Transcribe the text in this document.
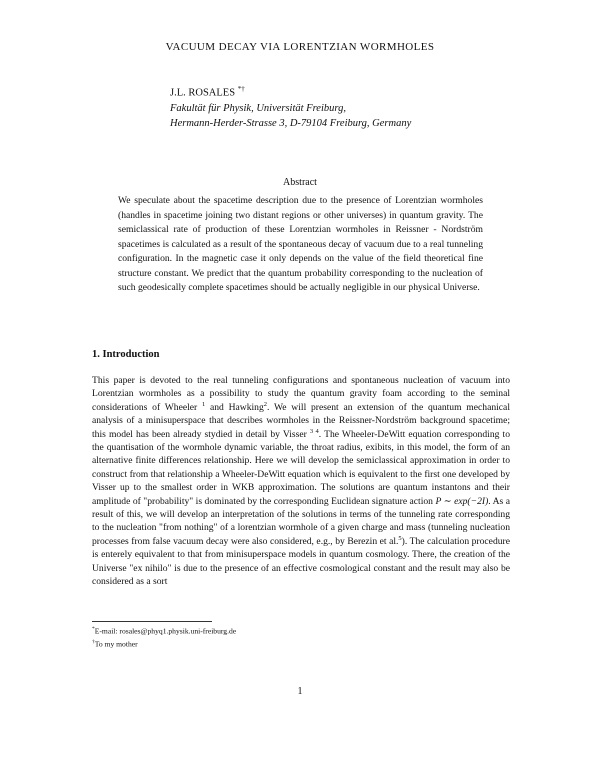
VACUUM DECAY VIA LORENTZIAN WORMHOLES
J.L. ROSALES *†
Fakultät für Physik, Universität Freiburg,
Hermann-Herder-Strasse 3, D-79104 Freiburg, Germany
Abstract
We speculate about the spacetime description due to the presence of Lorentzian wormholes (handles in spacetime joining two distant regions or other universes) in quantum gravity. The semiclassical rate of production of these Lorentzian wormholes in Reissner - Nordström spacetimes is calculated as a result of the spontaneous decay of vacuum due to a real tunneling configuration. In the magnetic case it only depends on the value of the field theoretical fine structure constant. We predict that the quantum probability corresponding to the nucleation of such geodesically complete spacetimes should be actually negligible in our physical Universe.
1. Introduction
This paper is devoted to the real tunneling configurations and spontaneous nucleation of vacuum into Lorentzian wormholes as a possibility to study the quantum gravity foam according to the seminal considerations of Wheeler $^1$ and Hawking$^2$. We will present an extension of the quantum mechanical analysis of a minisuperspace that describes wormholes in the Reissner-Nordström background spacetime; this model has been already stydied in detail by Visser $^{3 4}$. The Wheeler-DeWitt equation corresponding to the quantisation of the wormhole dynamic variable, the throat radius, exibits, in this model, the form of an alternative finite differences relationship. Here we will develop the semiclassical approximation in order to construct from that relationship a Wheeler-DeWitt equation which is equivalent to the first one developed by Visser up to the smallest order in WKB approximation. The solutions are quantum instantons and their amplitude of "probability" is dominated by the corresponding Euclidean signature action P ∼ exp(−2I). As a result of this, we will develop an interpretation of the solutions in terms of the tunneling rate corresponding to the nucleation "from nothing" of a lorentzian wormhole of a given charge and mass (tunneling nucleation processes from false vacuum decay were also considered, e.g., by Berezin et al.$^5$). The calculation procedure is enterely equivalent to that from minisuperspace models in quantum cosmology. There, the creation of the Universe "ex nihilo" is due to the presence of an effective cosmological constant and the result may also be considered as a sort
*E-mail: rosales@phyq1.physik.uni-freiburg.de
†To my mother
1
